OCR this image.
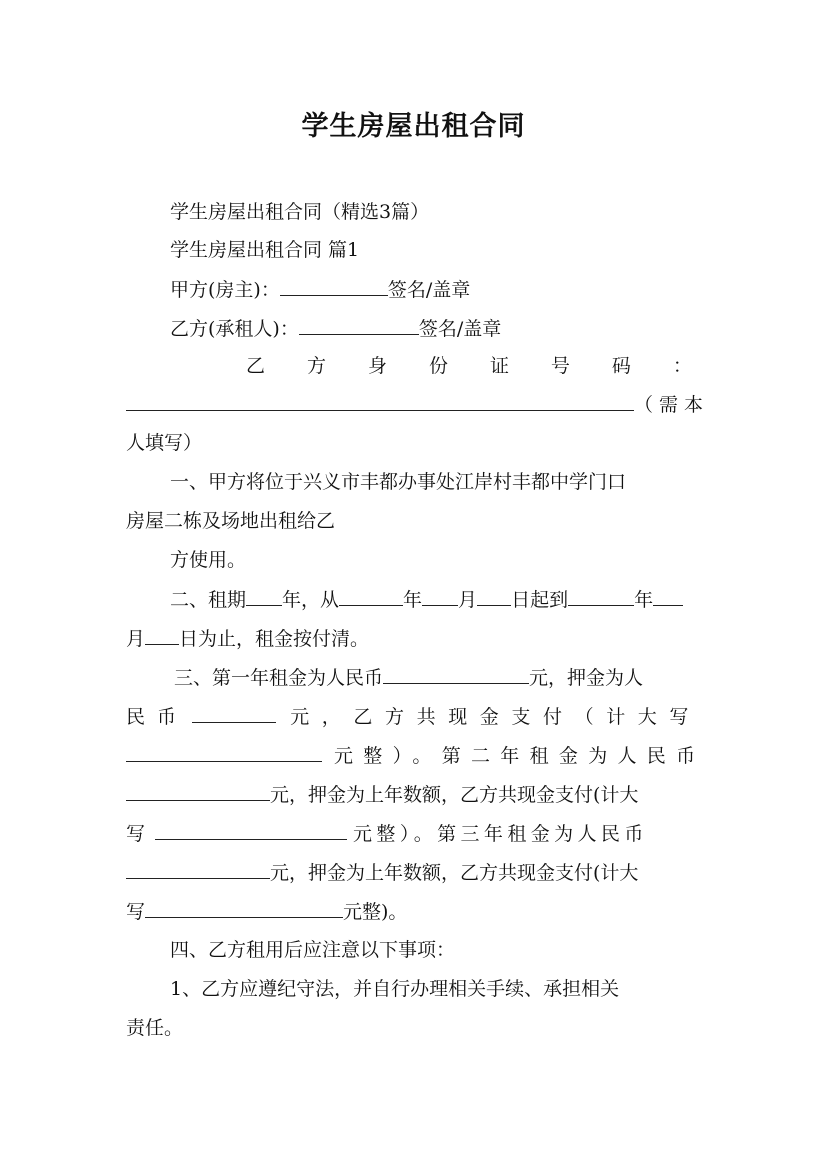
学生房屋出租合同
学生房屋出租合同（精选3篇）
学生房屋出租合同 篇1
甲方(房主)：	签名/盖章
乙方(承租人)：	签名/盖章
乙 方 身 份 证 号 码 ：
（需本
人填写）
一、甲方将位于兴义市丰都办事处江岸村丰都中学门口
房屋二栋及场地出租给乙
方使用。
二、租期 年，从	年 月 日起到	年
月 日为止，租金按付清。
三、第一年租金为人民币	元，押金为人
民币	元，乙方共现金支付（计大写
元整）。第二年租金为人民币
元，押金为上年数额，乙方共现金支付(计大
写	元整）。第三年租金为人民币
元，押金为上年数额，乙方共现金支付(计大
写	元整)。
四、乙方租用后应注意以下事项：
1、乙方应遵纪守法，并自行办理相关手续、承担相关
责任。
